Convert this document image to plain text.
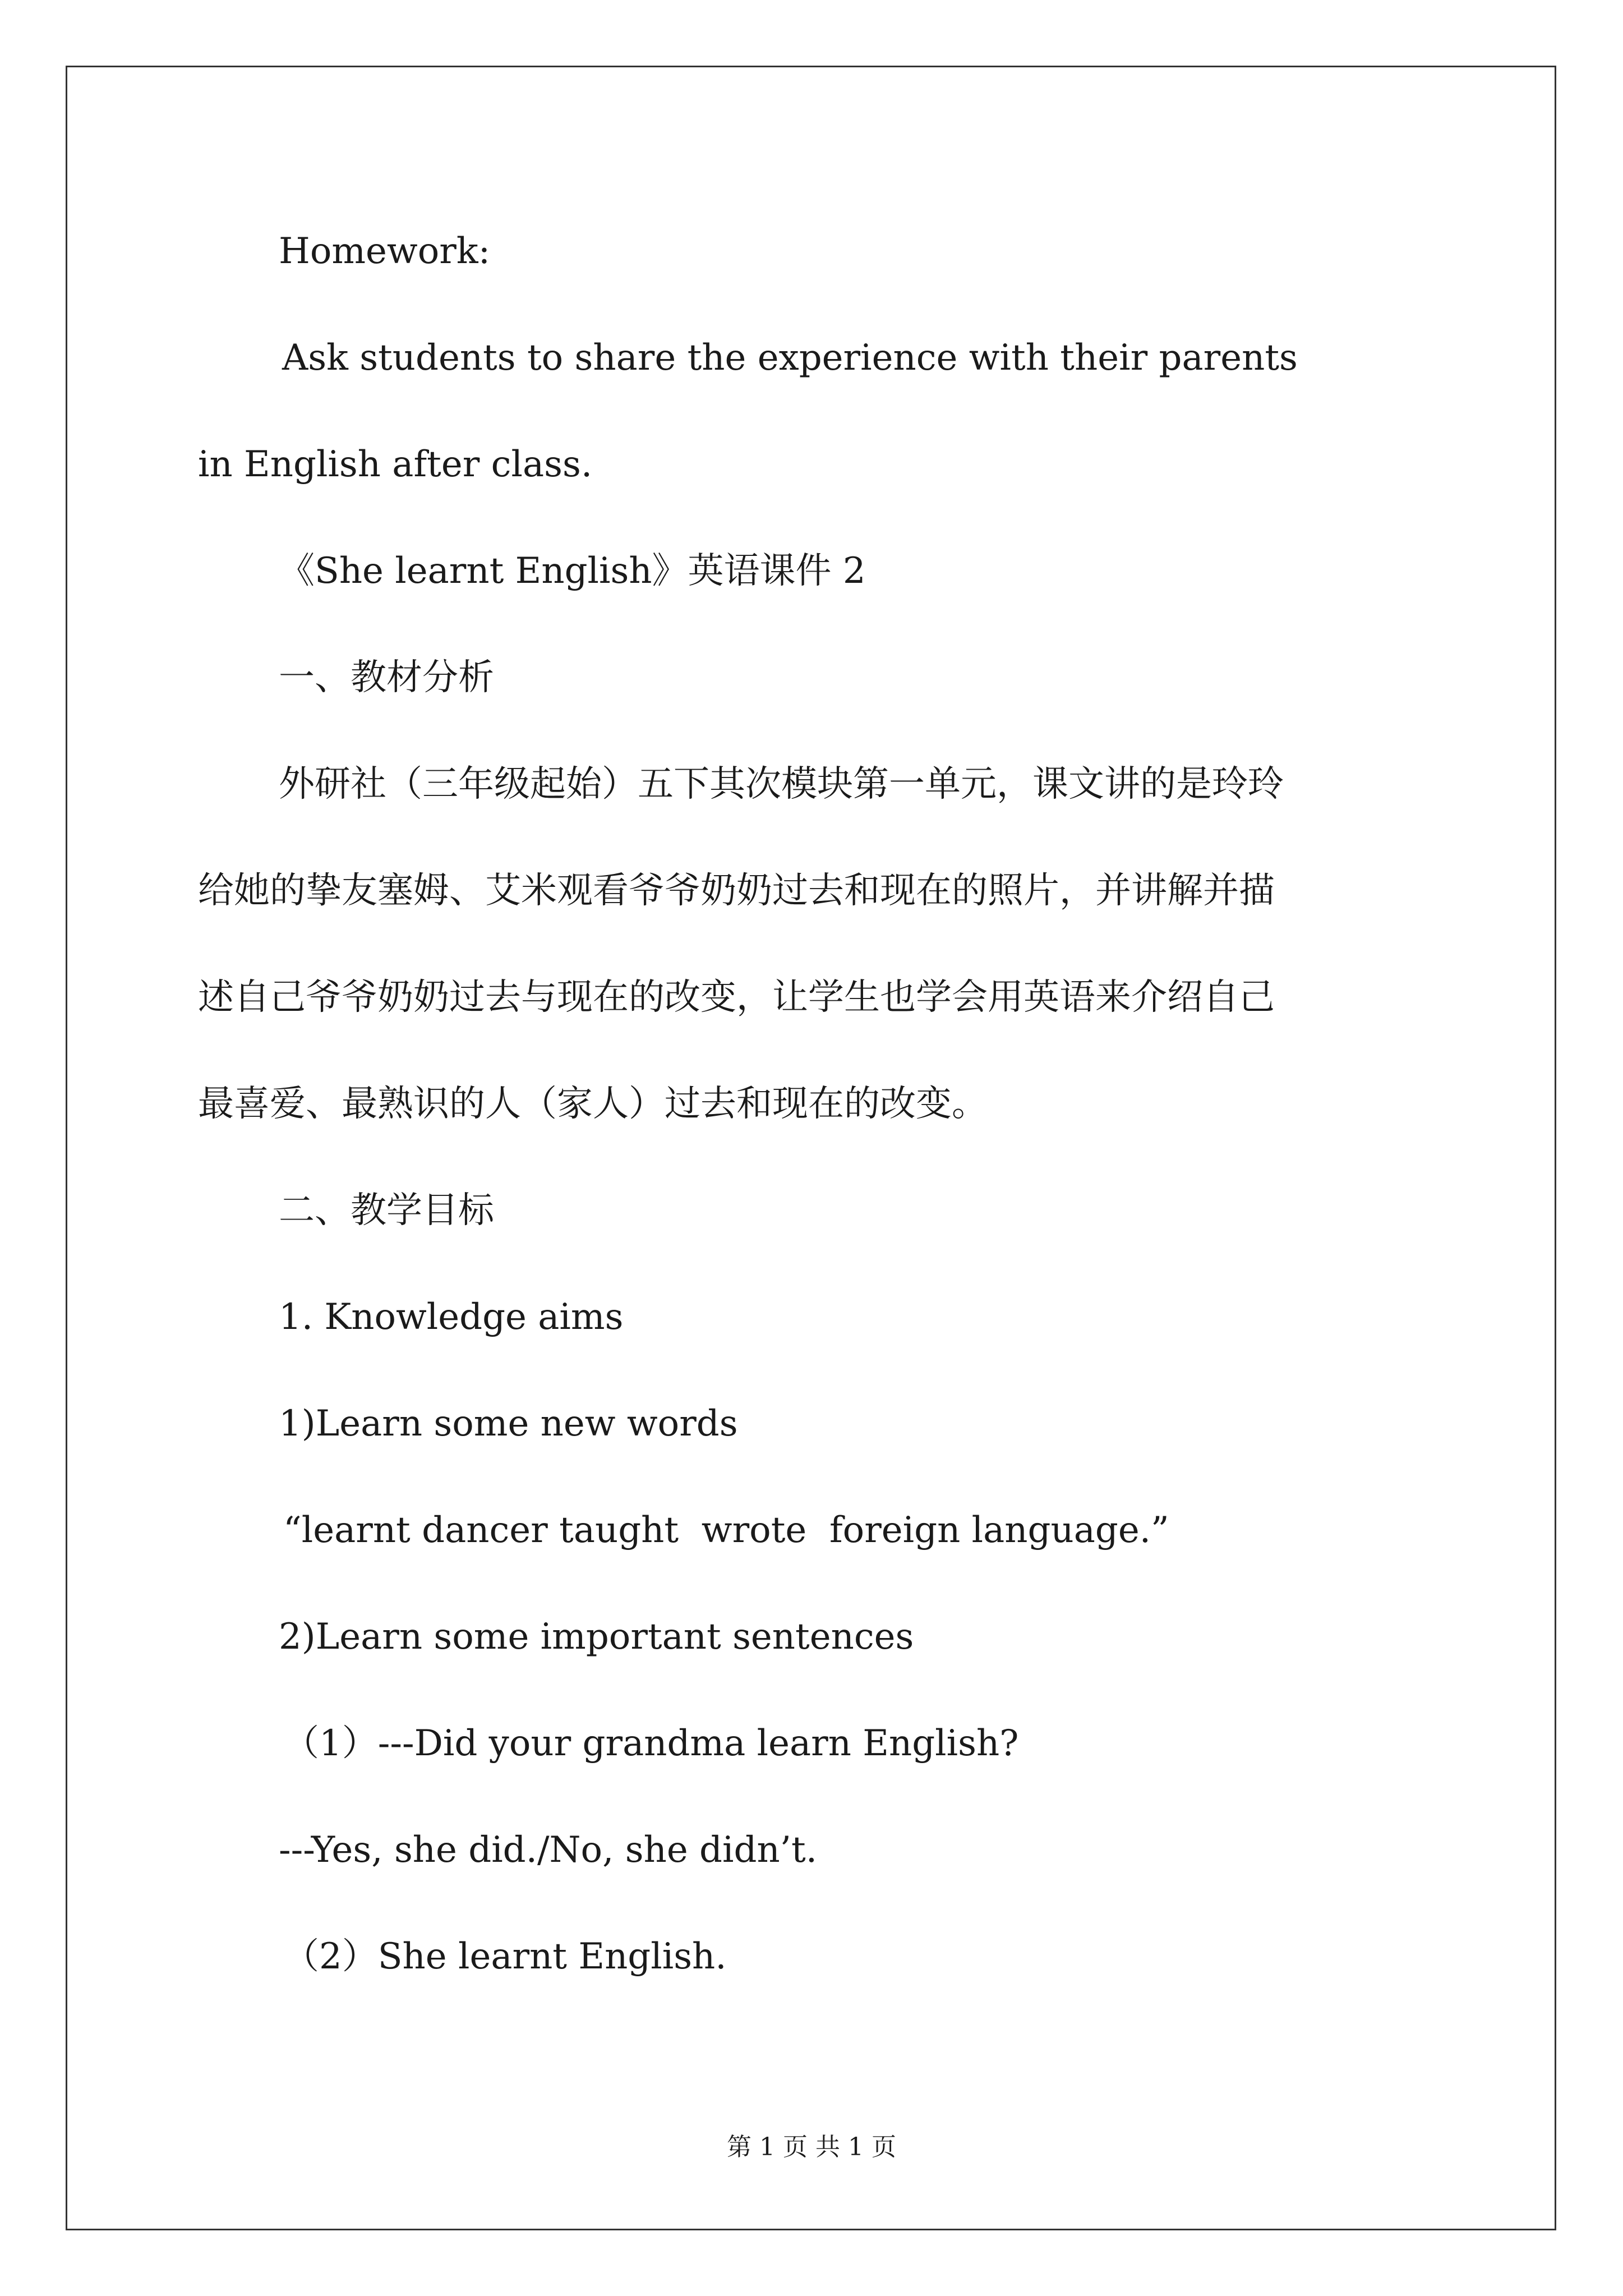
Homework:
Ask students to share the experience with their parents
in English after class.
《She learnt English》英语课件 2
一、教材分析
外研社（三年级起始）五下其次模块第一单元，课文讲的是玲玲
给她的挚友塞姆、艾米观看爷爷奶奶过去和现在的照片，并讲解并描
述自己爷爷奶奶过去与现在的改变，让学生也学会用英语来介绍自己
最喜爱、最熟识的人（家人）过去和现在的改变。
二、教学目标
1. Knowledge aims
1)Learn some new words
“learnt dancer taught  wrote  foreign language.”
2)Learn some important sentences
（1）---Did your grandma learn English?
---Yes, she did./No, she didn’t.
（2）She learnt English.
第 1 页 共 1 页
